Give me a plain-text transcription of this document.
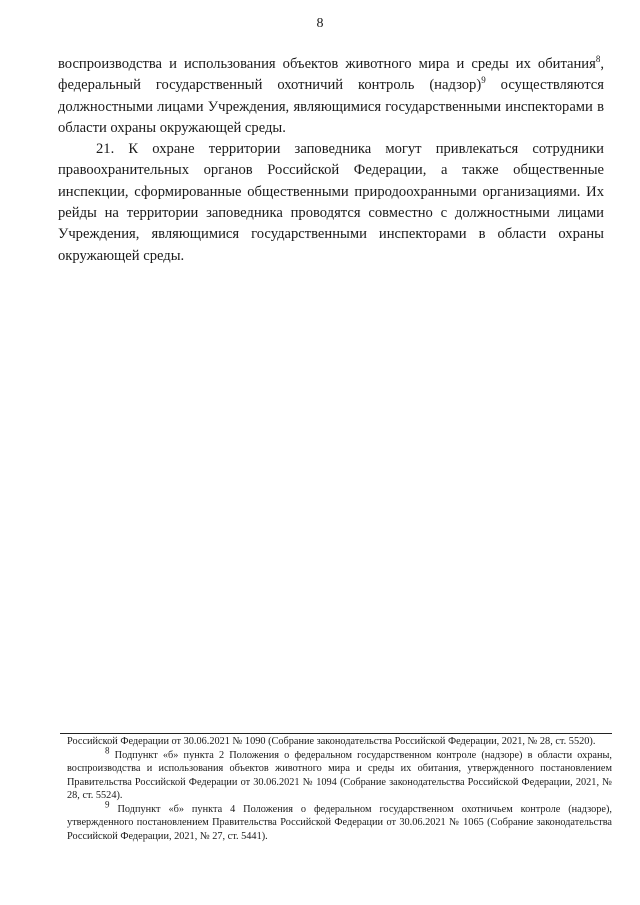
8

воспроизводства и использования объектов животного мира и среды их обитания$^8$, федеральный государственный охотничий контроль (надзор)$^9$ осуществляются должностными лицами Учреждения, являющимися государственными инспекторами в области охраны окружающей среды.

21. К охране территории заповедника могут привлекаться сотрудники правоохранительных органов Российской Федерации, а также общественные инспекции, сформированные общественными природоохранными организациями. Их рейды на территории заповедника проводятся совместно с должностными лицами Учреждения, являющимися государственными инспекторами в области охраны окружающей среды.

Российской Федерации от 30.06.2021 № 1090 (Собрание законодательства Российской Федерации, 2021, № 28, ст. 5520).

$^8$ Подпункт «б» пункта 2 Положения о федеральном государственном контроле (надзоре) в области охраны, воспроизводства и использования объектов животного мира и среды их обитания, утвержденного постановлением Правительства Российской Федерации от 30.06.2021 № 1094 (Собрание законодательства Российской Федерации, 2021, № 28, ст. 5524).

$^9$ Подпункт «б» пункта 4 Положения о федеральном государственном охотничьем контроле (надзоре), утвержденного постановлением Правительства Российской Федерации от 30.06.2021 № 1065 (Собрание законодательства Российской Федерации, 2021, № 27, ст. 5441).
